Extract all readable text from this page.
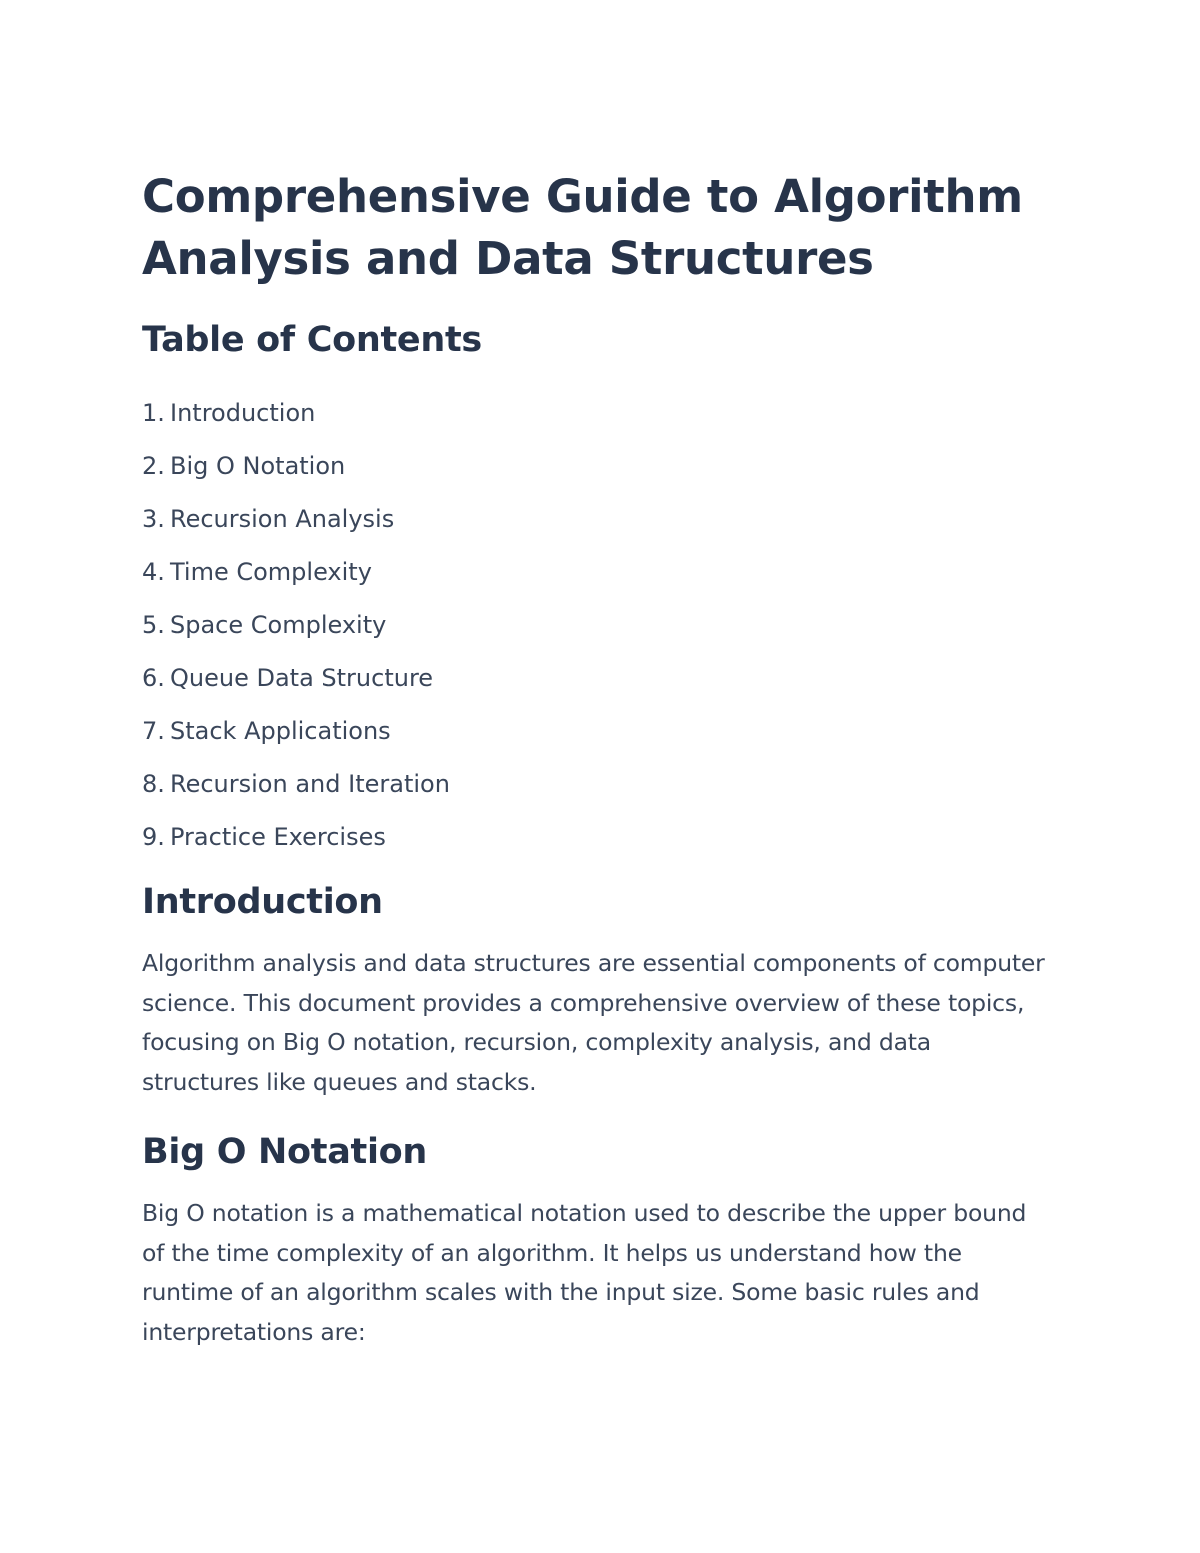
Comprehensive Guide to Algorithm Analysis and Data Structures
Table of Contents
1. Introduction
2. Big O Notation
3. Recursion Analysis
4. Time Complexity
5. Space Complexity
6. Queue Data Structure
7. Stack Applications
8. Recursion and Iteration
9. Practice Exercises
Introduction

Algorithm analysis and data structures are essential components of computer science. This document provides a comprehensive overview of these topics, focusing on Big O notation, recursion, complexity analysis, and data structures like queues and stacks.

Big O Notation

Big O notation is a mathematical notation used to describe the upper bound of the time complexity of an algorithm. It helps us understand how the runtime of an algorithm scales with the input size. Some basic rules and interpretations are:
